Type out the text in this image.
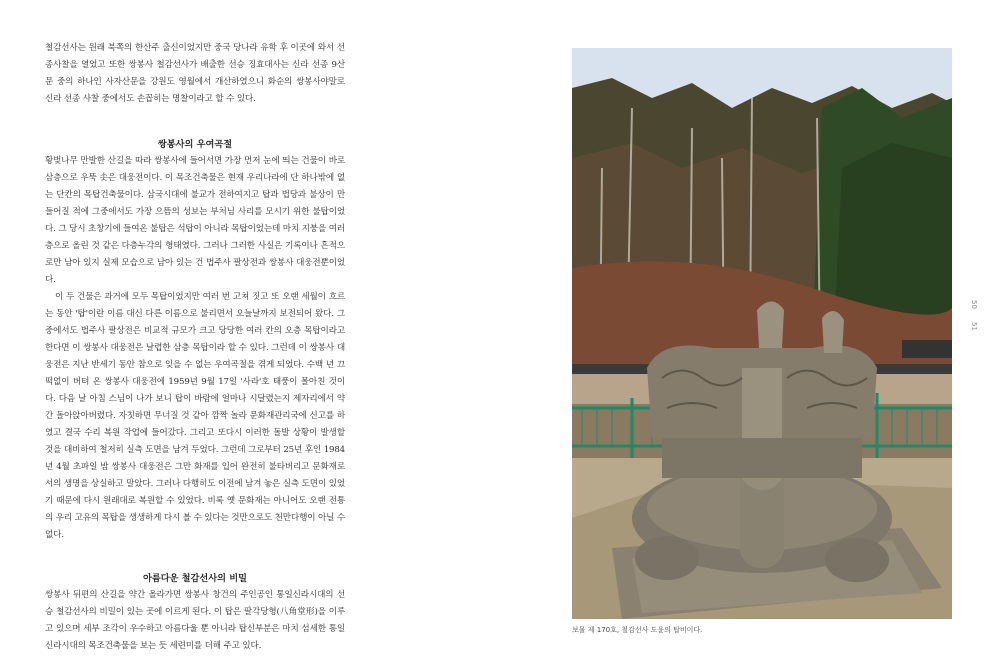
철감선사는 원래 북쪽의 한산주 출신이었지만 중국 당나라 유학 후 이곳에 와서 선종사찰을 열었고 또한 쌍봉사 철감선사가 배출한 선승 징효대사는 신라 선종 9산문 중의 하나인 사자산문을 강원도 영월에서 개산하였으니 화순의 쌍봉사야말로 신라 선종 사찰 중에서도 손꼽히는 명찰이라고 할 수 있다.

쌍봉사의 우여곡절

황벚나무 만발한 산길을 따라 쌍봉사에 들어서면 가장 먼저 눈에 띄는 건물이 바로 삼층으로 우뚝 솟은 대웅전이다. 이 목조건축물은 현재 우리나라에 단 하나밖에 없는 단칸의 목탑건축물이다. 삼국시대에 불교가 전하여지고 탑과 법당과 불상이 만들어질 적에 그중에서도 가장 으뜸의 성보는 부처님 사리를 모시기 위한 불탑이었다. 그 당시 초창기에 들여온 불탑은 석탑이 아니라 목탑이었는데 마치 지붕을 여러 층으로 올린 것 같은 다층누각의 형태였다. 그러나 그러한 사실은 기록이나 흔적으로만 남아 있지 실제 모습으로 남아 있는 건 법주사 팔상전과 쌍봉사 대웅전뿐이었다.

이 두 건물은 과거에 모두 목탑이었지만 여러 번 고쳐 짓고 또 오랜 세월이 흐르는 동안 '탑'이란 이름 대신 다른 이름으로 불리면서 오늘날까지 보전되어 왔다. 그중에서도 법주사 팔상전은 비교적 규모가 크고 당당한 여러 칸의 오층 목탑이라고 한다면 이 쌍봉사 대웅전은 날렵한 삼층 목탑이라 할 수 있다. 그런데 이 쌍봉사 대웅전은 지난 반세기 동안 참으로 잊을 수 없는 우여곡절을 겪게 되었다. 수백 년 끄떡없이 버텨 온 쌍봉사 대웅전에 1959년 9월 17일 '사라'호 태풍이 몰아친 것이다. 다음 날 아침 스님이 나가 보니 탑이 바람에 얼마나 시달렸는지 제자리에서 약간 돌아앉아버렸다. 자칫하면 무너질 것 같아 깜짝 놀라 문화재관리국에 신고를 하였고 결국 수리 복원 작업에 들어갔다. 그리고 또다시 이러한 돌발 상황이 발생할 것을 대비하여 철저히 실측 도면을 남겨 두었다. 그런데 그로부터 25년 후인 1984년 4월 초파일 밤 쌍봉사 대웅전은 그만 화재를 입어 완전히 불타버리고 문화재로서의 생명을 상실하고 말았다. 그러나 다행히도 이전에 남겨 놓은 실측 도면이 있었기 때문에 다시 원래대로 복원할 수 있었다. 비록 옛 문화재는 아니어도 오랜 전통의 우리 고유의 목탑을 생생하게 다시 볼 수 있다는 것만으로도 천만다행이 아닐 수 없다.

아름다운 철감선사의 비밀

쌍봉사 뒤편의 산길을 약간 올라가면 쌍봉사 창건의 주인공인 통일신라시대의 선승 철감선사의 비밀이 있는 곳에 이르게 된다. 이 탑은 팔각당형(八角堂形)을 이루고 있으며 세부 조각이 우수하고 아름다울 뿐 아니라 탑신부분은 마치 섬세한 통일신라시대의 목조건축물을 보는 듯 세련미를 더해 주고 있다.

보물 제 170호, 철감선사 도윤의 탑비이다.
50
51
